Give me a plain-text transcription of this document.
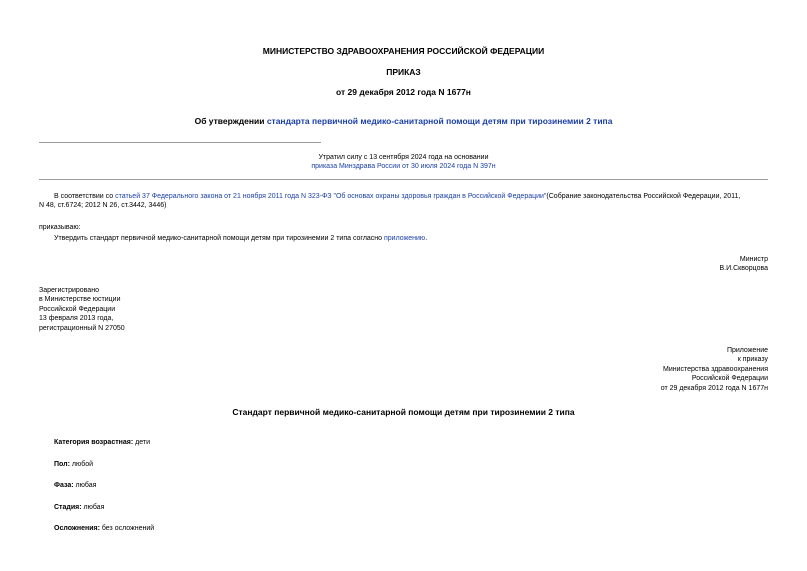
МИНИСТЕРСТВО ЗДРАВООХРАНЕНИЯ РОССИЙСКОЙ ФЕДЕРАЦИИ
ПРИКАЗ
от 29 декабря 2012 года N 1677н
Об утверждении стандарта первичной медико-санитарной помощи детям при тирозинемии 2 типа

Утратил силу с 13 сентября 2024 года на основании

приказа Минздрава России от 30 июля 2024 года N 397н

В соответствии со статьей 37 Федерального закона от 21 ноября 2011 года N 323-ФЗ "Об основах охраны здоровья граждан в Российской Федерации"(Собрание законодательства Российской Федерации, 2011,

N 48, ст.6724; 2012 N 26, ст.3442, 3446)

приказываю:
Утвердить стандарт первичной медико-санитарной помощи детям при тирозинемии 2 типа согласно приложению.

Министр

В.И.Скворцова

Зарегистрировано

в Министерстве юстиции

Российской Федерации

13 февраля 2013 года,

регистрационный N 27050

Приложение

к приказу

Министерства здравоохранения

Российской Федерации

от 29 декабря 2012 года N 1677н

Стандарт первичной медико-санитарной помощи детям при тирозинемии 2 типа
Категория возрастная: дети
Пол: любой
Фаза: любая
Стадия: любая
Осложнения: без осложнений
